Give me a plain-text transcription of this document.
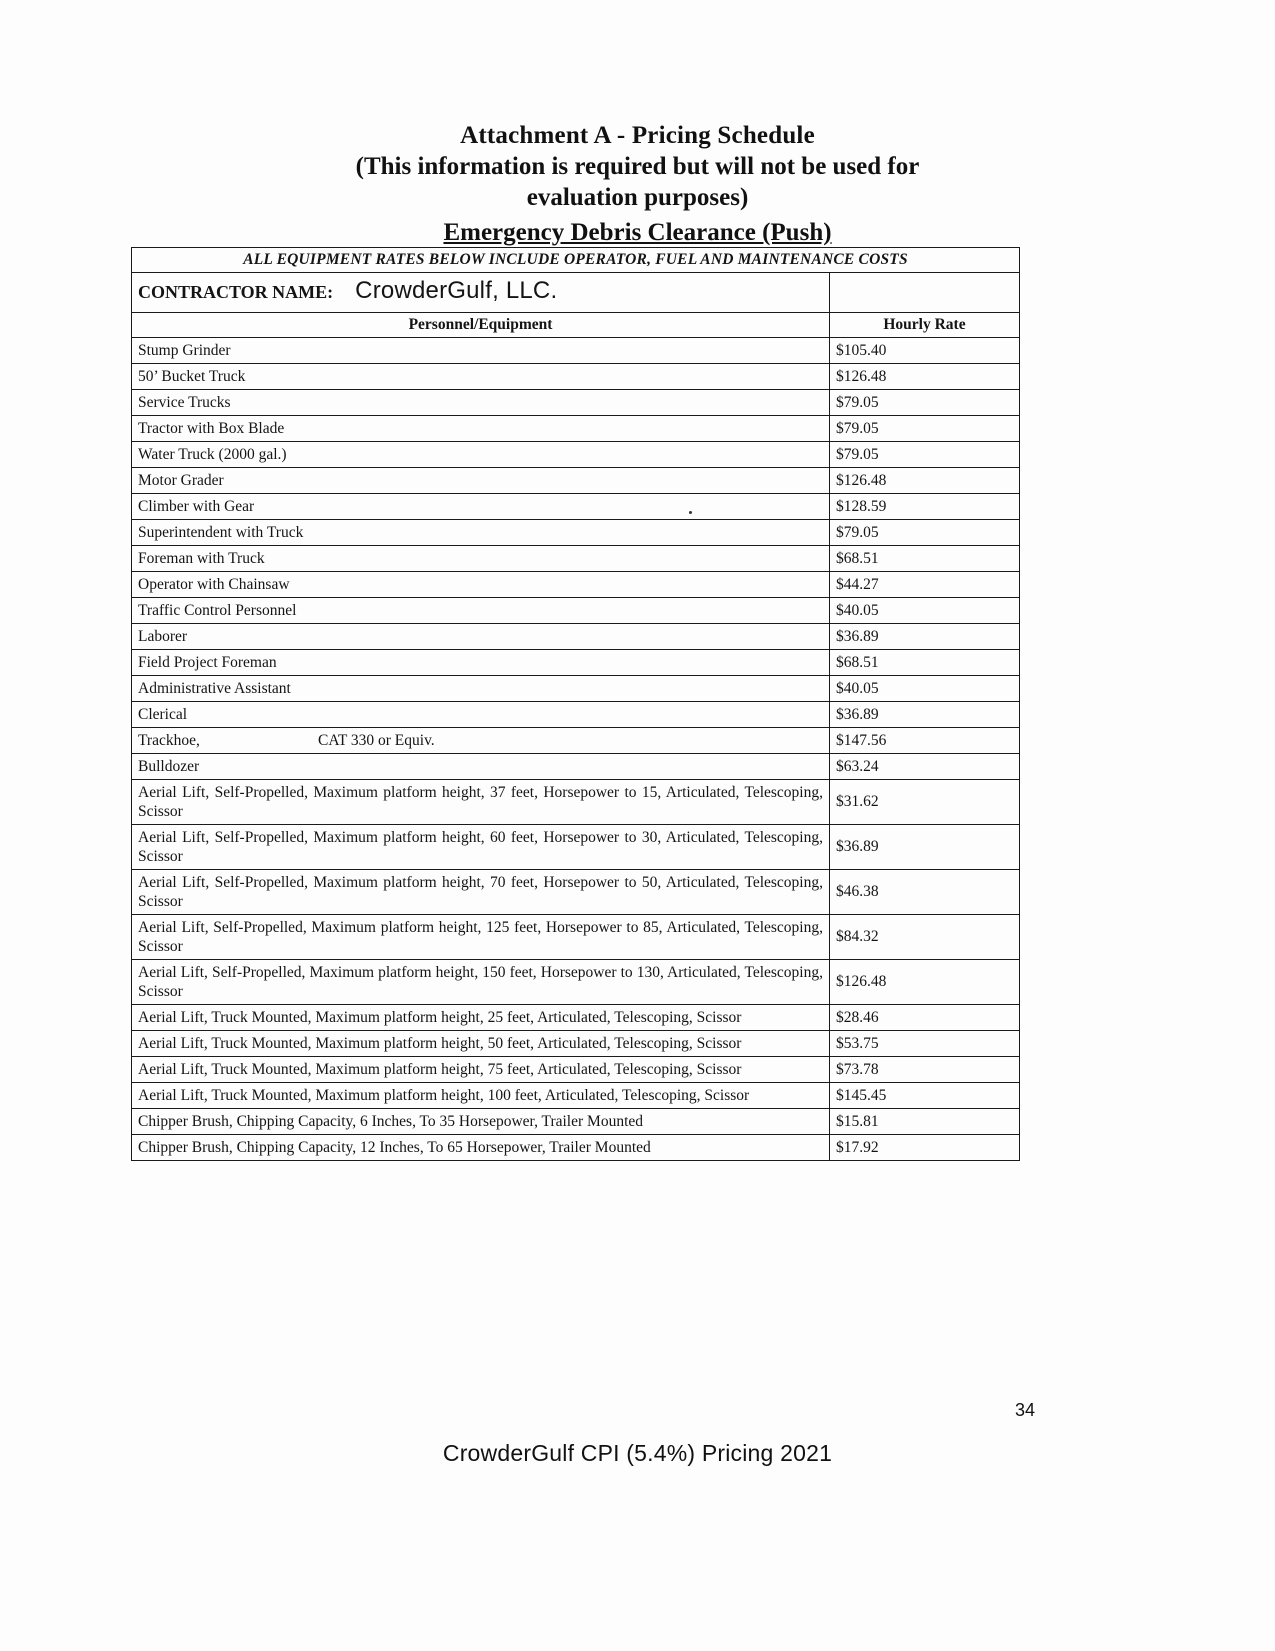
Attachment A - Pricing Schedule
(This information is required but will not be used for
evaluation purposes)
Emergency Debris Clearance (Push)
ALL EQUIPMENT RATES BELOW INCLUDE OPERATOR, FUEL AND MAINTENANCE COSTS	

CONTRACTOR NAME: CrowderGulf, LLC.	

Personnel/Equipment	Hourly Rate
Stump Grinder	$105.40
50’ Bucket Truck	$126.48
Service Trucks	$79.05
Tractor with Box Blade	$79.05
Water Truck (2000 gal.)	$79.05
Motor Grader	$126.48
Climber with Gear	$128.59
Superintendent with Truck	$79.05
Foreman with Truck	$68.51
Operator with Chainsaw	$44.27
Traffic Control Personnel	$40.05
Laborer	$36.89
Field Project Foreman	$68.51
Administrative Assistant	$40.05
Clerical	$36.89

Trackhoe, CAT 330 or Equiv.	$147.56
Bulldozer	$63.24
Aerial Lift, Self-Propelled, Maximum platform height, 37 feet, Horsepower to 15, Articulated, Telescoping, Scissor	$31.62
Aerial Lift, Self-Propelled, Maximum platform height, 60 feet, Horsepower to 30, Articulated, Telescoping, Scissor	$36.89
Aerial Lift, Self-Propelled, Maximum platform height, 70 feet, Horsepower to 50, Articulated, Telescoping, Scissor	$46.38
Aerial Lift, Self-Propelled, Maximum platform height, 125 feet, Horsepower to 85, Articulated, Telescoping, Scissor	$84.32
Aerial Lift, Self-Propelled, Maximum platform height, 150 feet, Horsepower to 130, Articulated, Telescoping, Scissor	$126.48
Aerial Lift, Truck Mounted, Maximum platform height, 25 feet, Articulated, Telescoping, Scissor	$28.46
Aerial Lift, Truck Mounted, Maximum platform height, 50 feet, Articulated, Telescoping, Scissor	$53.75
Aerial Lift, Truck Mounted, Maximum platform height, 75 feet, Articulated, Telescoping, Scissor	$73.78
Aerial Lift, Truck Mounted, Maximum platform height, 100 feet, Articulated, Telescoping, Scissor	$145.45
Chipper Brush, Chipping Capacity, 6 Inches, To 35 Horsepower, Trailer Mounted	$15.81
Chipper Brush, Chipping Capacity, 12 Inches, To 65 Horsepower, Trailer Mounted	$17.92
34
CrowderGulf CPI (5.4%) Pricing 2021
